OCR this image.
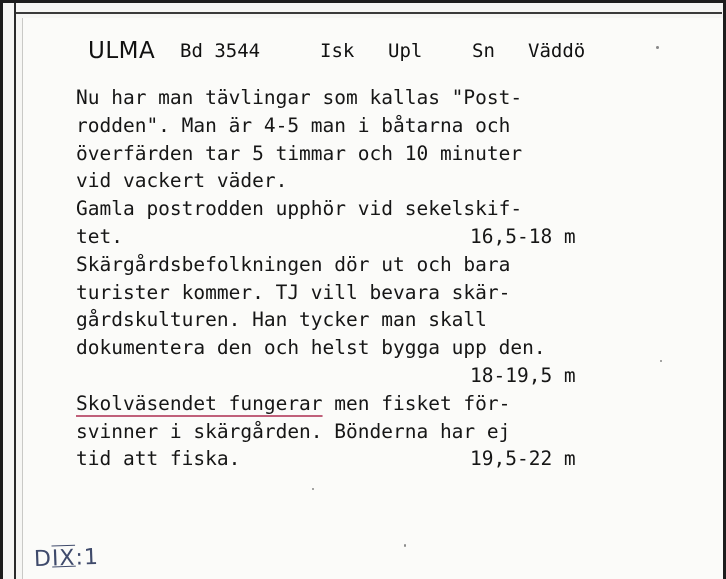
ULMA Bd 3544	Isk Upl	Sn Väddö
Nu har man tävlingar som kallas "Post-
rodden". Man är 4-5 man i båtarna och
överfärden tar 5 timmar och 10 minuter
vid vackert väder.
Gamla postrodden upphör vid sekelskif-
tet.	16,5-18 m
Skärgårdsbefolkningen dör ut och bara
turister kommer. TJ vill bevara skär-
gårdskulturen. Han tycker man skall
dokumentera den och helst bygga upp den.
18-19,5 m
Skolväsendet fungerar men fisket för-
svinner i skärgården. Bönderna har ej
tid att fiska.	19,5-22 m
DIX:1
